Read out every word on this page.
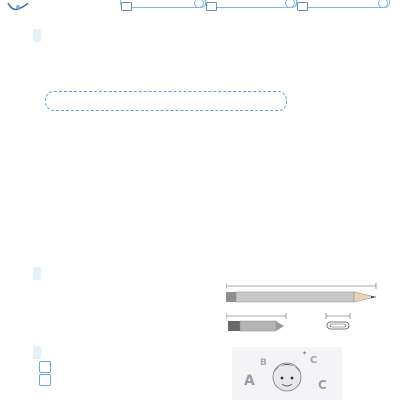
A
B	C
C
✦
